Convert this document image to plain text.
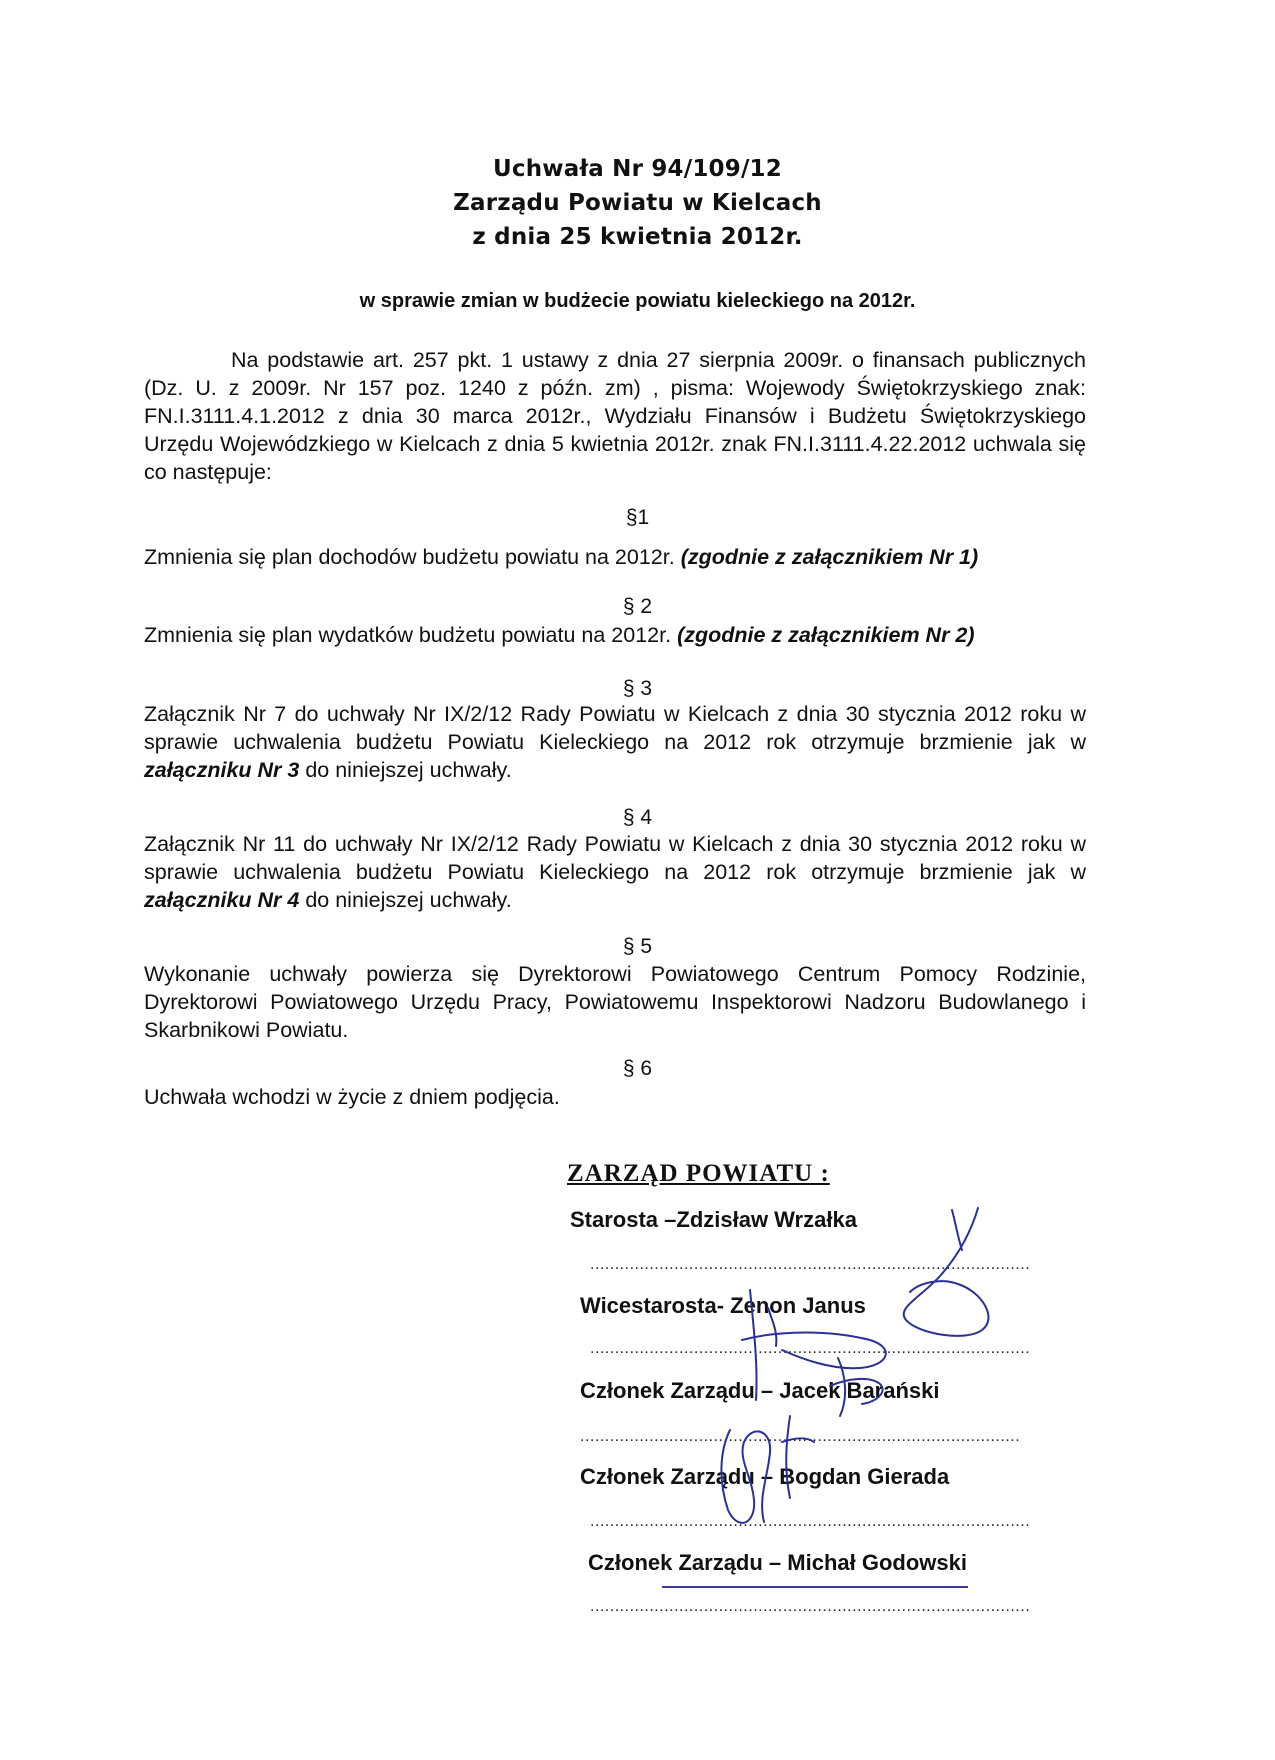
Uchwała Nr 94/109/12
Zarządu Powiatu w Kielcach
z dnia 25 kwietnia 2012r.
w sprawie zmian w budżecie powiatu kieleckiego na 2012r.

Na podstawie art. 257 pkt. 1 ustawy z dnia 27 sierpnia 2009r. o finansach publicznych (Dz. U. z 2009r. Nr 157 poz. 1240 z późn. zm) , pisma: Wojewody Świętokrzyskiego znak: FN.I.3111.4.1.2012 z dnia 30 marca 2012r., Wydziału Finansów i Budżetu Świętokrzyskiego Urzędu Wojewódzkiego w Kielcach z dnia 5 kwietnia 2012r. znak FN.I.3111.4.22.2012 uchwala się co następuje:

§1

Zmnienia się plan dochodów budżetu powiatu na 2012r. (zgodnie z załącznikiem Nr 1)

§ 2

Zmnienia się plan wydatków budżetu powiatu na 2012r. (zgodnie z załącznikiem Nr 2)

§ 3

Załącznik Nr 7 do uchwały Nr IX/2/12 Rady Powiatu w Kielcach z dnia 30 stycznia 2012 roku w sprawie uchwalenia budżetu Powiatu Kieleckiego na 2012 rok otrzymuje brzmienie jak w załączniku Nr 3 do niniejszej uchwały.

§ 4

Załącznik Nr 11 do uchwały Nr IX/2/12 Rady Powiatu w Kielcach z dnia 30 stycznia 2012 roku w sprawie uchwalenia budżetu Powiatu Kieleckiego na 2012 rok otrzymuje brzmienie jak w załączniku Nr 4 do niniejszej uchwały.

§ 5

Wykonanie uchwały powierza się Dyrektorowi Powiatowego Centrum Pomocy Rodzinie, Dyrektorowi Powiatowego Urzędu Pracy, Powiatowemu Inspektorowi Nadzoru Budowlanego i Skarbnikowi Powiatu.

§ 6

Uchwała wchodzi w życie z dniem podjęcia.

ZARZĄD POWIATU :
Starosta –Zdzisław Wrzałka
.........................................................................................
Wicestarosta- Zenon Janus
.........................................................................................
Członek Zarządu – Jacek Barański
.........................................................................................
Członek Zarządu – Bogdan Gierada
.........................................................................................
Członek Zarządu – Michał Godowski
.........................................................................................
